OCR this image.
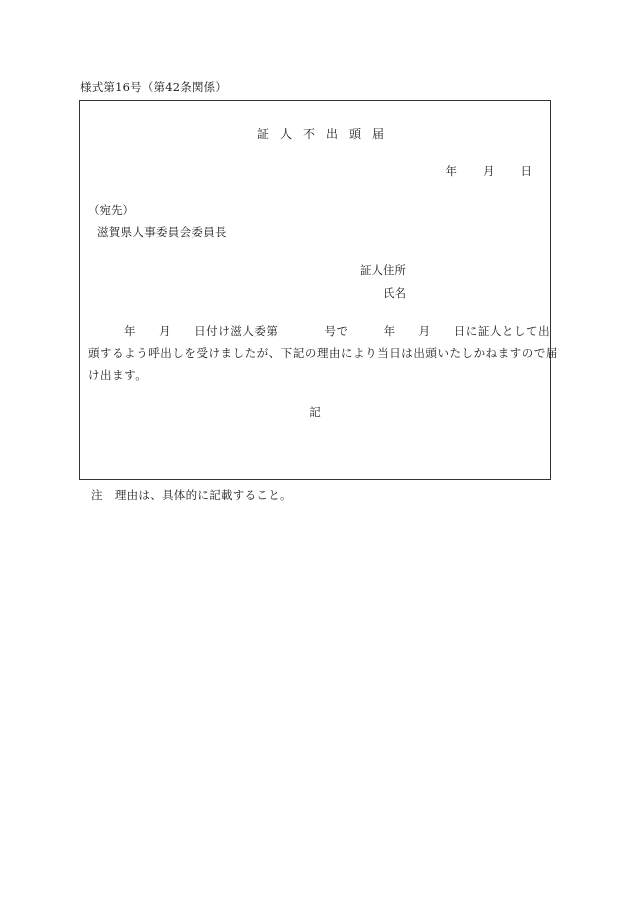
様式第16号（第42条関係）
証人不出頭届
年 月 日
（宛先）
滋賀県人事委員会委員長
証人住所
氏名
年 月 日付け滋人委第	号で	年 月 日に証人として出
頭するよう呼出しを受けましたが、下記の理由により当日は出頭いたしかねますので届
け出ます。
記
注 理由は、具体的に記載すること。
